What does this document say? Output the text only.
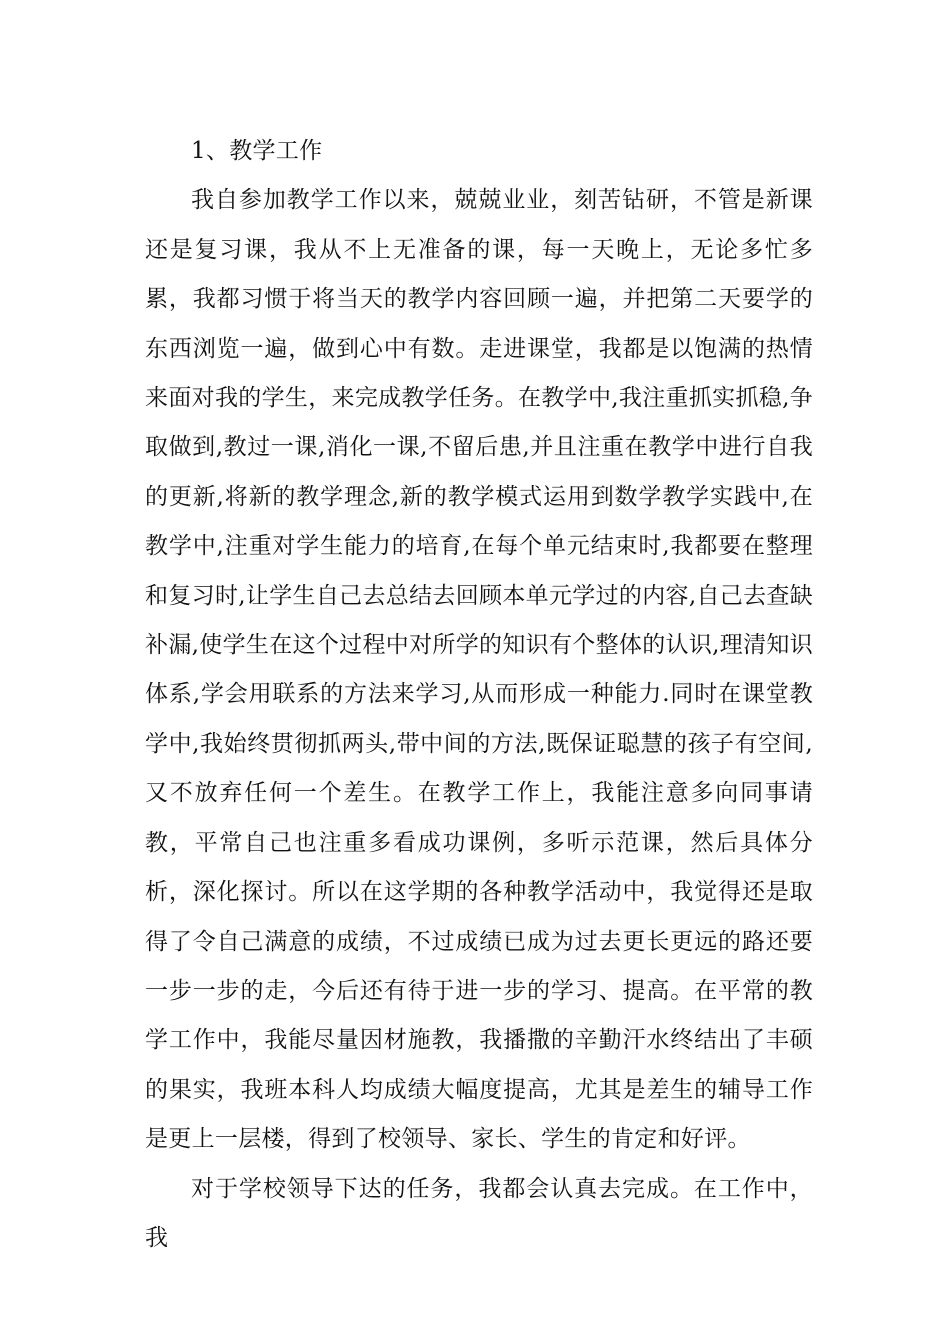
1、教学工作

我自参加教学工作以来，兢兢业业，刻苦钻研，不管是新课还是复习课，我从不上无准备的课，每一天晚上，无论多忙多累，我都习惯于将当天的教学内容回顾一遍，并把第二天要学的东西浏览一遍，做到心中有数。走进课堂，我都是以饱满的热情来面对我的学生，来完成教学任务。在教学中,我注重抓实抓稳,争取做到,教过一课,消化一课,不留后患,并且注重在教学中进行自我的更新,将新的教学理念,新的教学模式运用到数学教学实践中,在教学中,注重对学生能力的培育,在每个单元结束时,我都要在整理和复习时,让学生自己去总结去回顾本单元学过的内容,自己去查缺补漏,使学生在这个过程中对所学的知识有个整体的认识,理清知识体系,学会用联系的方法来学习,从而形成一种能力.同时在课堂教学中,我始终贯彻抓两头,带中间的方法,既保证聪慧的孩子有空间,又不放弃任何一个差生。在教学工作上，我能注意多向同事请教，平常自己也注重多看成功课例，多听示范课，然后具体分析，深化探讨。所以在这学期的各种教学活动中，我觉得还是取得了令自己满意的成绩，不过成绩已成为过去更长更远的路还要一步一步的走，今后还有待于进一步的学习、提高。在平常的教学工作中，我能尽量因材施教，我播撒的辛勤汗水终结出了丰硕的果实，我班本科人均成绩大幅度提高，尤其是差生的辅导工作是更上一层楼，得到了校领导、家长、学生的肯定和好评。

对于学校领导下达的任务，我都会认真去完成。在工作中，我
